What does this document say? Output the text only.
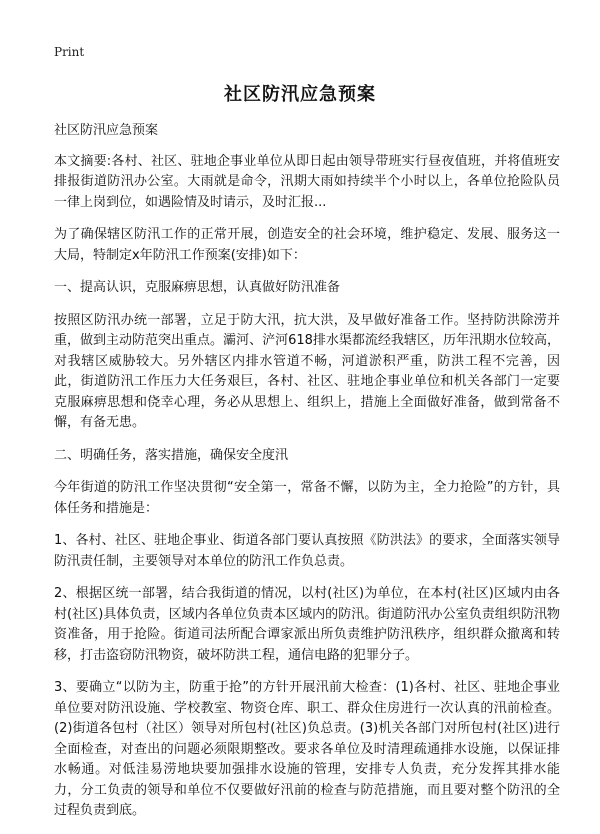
Print
社区防汛应急预案

社区防汛应急预案

本文摘要:各村、社区、驻地企事业单位从即日起由领导带班实行昼夜值班，并将值班安排报街道防汛办公室。大雨就是命令，汛期大雨如持续半个小时以上，各单位抢险队员一律上岗到位，如遇险情及时请示，及时汇报...

为了确保辖区防汛工作的正常开展，创造安全的社会环境，维护稳定、发展、服务这一大局，特制定x年防汛工作预案(安排)如下：

一、提高认识，克服麻痹思想，认真做好防汛准备

按照区防汛办统一部署，立足于防大汛，抗大洪，及早做好准备工作。坚持防洪除涝并重，做到主动防范突出重点。灞河、浐河618排水渠都流经我辖区，历年汛期水位较高，对我辖区威胁较大。另外辖区内排水管道不畅，河道淤积严重，防洪工程不完善，因此，街道防汛工作压力大任务艰巨，各村、社区、驻地企事业单位和机关各部门一定要克服麻痹思想和侥幸心理，务必从思想上、组织上，措施上全面做好准备，做到常备不懈，有备无患。

二、明确任务，落实措施，确保安全度汛

今年街道的防汛工作坚决贯彻“安全第一，常备不懈，以防为主，全力抢险”的方针，具体任务和措施是：

1、各村、社区、驻地企事业、街道各部门要认真按照《防洪法》的要求，全面落实领导防汛责任制，主要领导对本单位的防汛工作负总责。

2、根据区统一部署，结合我街道的情况，以村(社区)为单位，在本村(社区)区域内由各村(社区)具体负责，区域内各单位负责本区域内的防汛。街道防汛办公室负责组织防汛物资准备，用于抢险。街道司法所配合谭家派出所负责维护防汛秩序，组织群众撤离和转移，打击盗窃防汛物资，破坏防洪工程，通信电路的犯罪分子。

3、要确立“以防为主，防重于抢”的方针开展汛前大检查：(1)各村、社区、驻地企事业单位要对防汛设施、学校教室、物资仓库、职工、群众住房进行一次认真的汛前检查。(2)街道各包村（社区）领导对所包村(社区)负总责。(3)机关各部门对所包村(社区)进行全面检查，对查出的问题必须限期整改。要求各单位及时清理疏通排水设施，以保证排水畅通。对低洼易涝地块要加强排水设施的管理，安排专人负责，充分发挥其排水能力，分工负责的领导和单位不仅要做好汛前的检查与防范措施，而且要对整个防汛的全过程负责到底。
